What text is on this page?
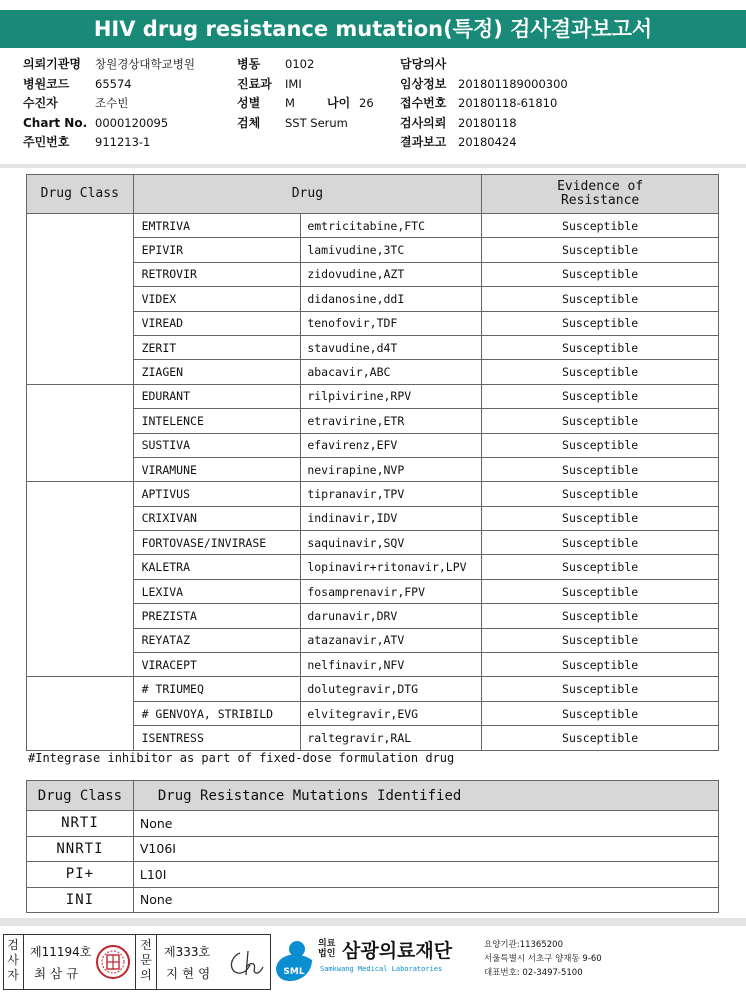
HIV drug resistance mutation(특정) 검사결과보고서
의뢰기관명 창원경상대학교병원
병원코드 65574
수진자	조수빈
Chart No. 0000120095
주민번호 911213-1
병동 0102
진료과 IMI
성별 M
검체 SST Serum
담당의사
임상정보 201801189000300
접수번호 20180118-61810
검사의뢰 20180118
결과보고 20180424
나이 26
Drug Class	Drug		Evidence of Resistance
	EMTRIVA	emtricitabine,FTC	Susceptible
	EPIVIR	lamivudine,3TC	Susceptible
	RETROVIR	zidovudine,AZT	Susceptible
	VIDEX	didanosine,ddI	Susceptible
	VIREAD	tenofovir,TDF	Susceptible
	ZERIT	stavudine,d4T	Susceptible
	ZIAGEN	abacavir,ABC	Susceptible
	EDURANT	rilpivirine,RPV	Susceptible
	INTELENCE	etravirine,ETR	Susceptible
	SUSTIVA	efavirenz,EFV	Susceptible
	VIRAMUNE	nevirapine,NVP	Susceptible
	APTIVUS	tipranavir,TPV	Susceptible
	CRIXIVAN	indinavir,IDV	Susceptible
	FORTOVASE/INVIRASE	saquinavir,SQV	Susceptible
	KALETRA	lopinavir+ritonavir,LPV	Susceptible
	LEXIVA	fosamprenavir,FPV	Susceptible
	PREZISTA	darunavir,DRV	Susceptible
	REYATAZ	atazanavir,ATV	Susceptible
	VIRACEPT	nelfinavir,NFV	Susceptible
	# TRIUMEQ	dolutegravir,DTG	Susceptible
	# GENVOYA, STRIBILD	elvitegravir,EVG	Susceptible
	ISENTRESS	raltegravir,RAL	Susceptible
#Integrase inhibitor as part of fixed-dose formulation drug
Drug Class	Drug Resistance Mutations Identified
NRTI	None
NNRTI	V106I
PI+	L10I
INI	None
검
사
자
제11194호
최 삼 규
전
문
의
제333호
지 현 영	SML
의료
법인 삼광의료재단
Samkwang Medical Laboratories
요양기관:11365200
서울특별시 서초구 양재동 9-60
대표번호: 02-3497-5100
